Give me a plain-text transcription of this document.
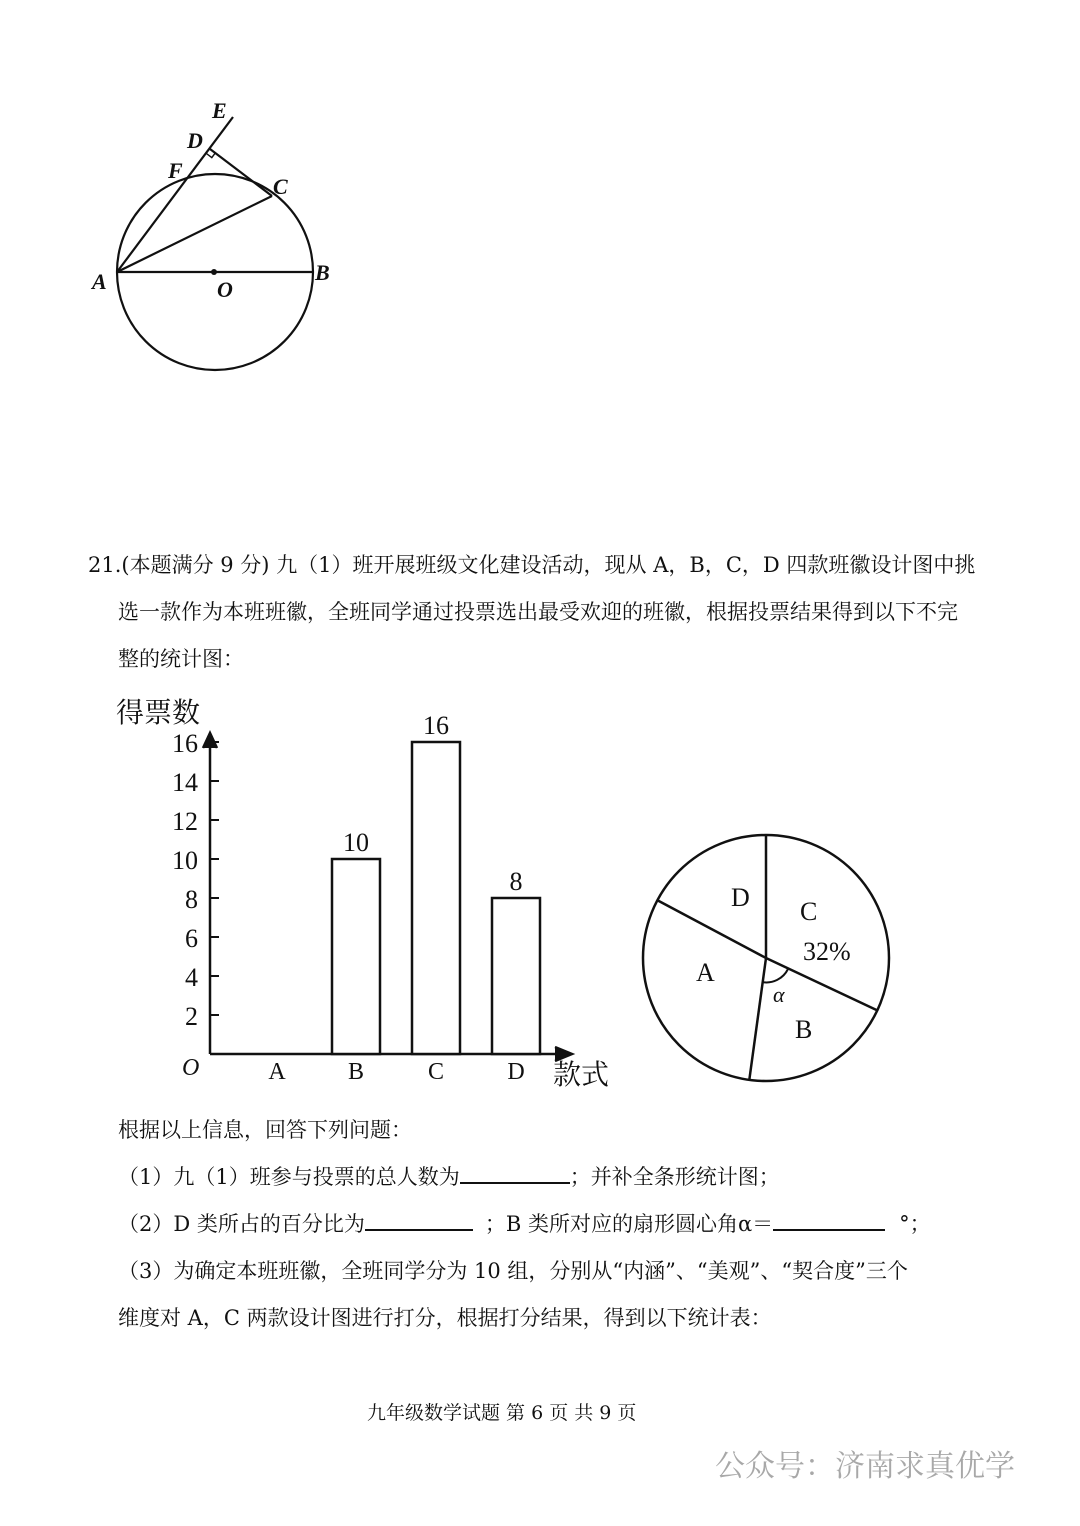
E
D
F
C
A	O
B
21.(本题满分 9 分) 九（1）班开展班级文化建设活动，现从 A，B，C，D 四款班徽设计图中挑
选一款作为本班班徽，全班同学通过投票选出最受欢迎的班徽，根据投票结果得到以下不完
整的统计图：
得票数
款式
O
2
4
6
8
10
12
14
16
10
16
8
A	B	C	D
C
32%
D
A
B
α
根据以上信息，回答下列问题：
（1）九（1）班参与投票的总人数为	；并补全条形统计图；
（2）D 类所占的百分比为	；B 类所对应的扇形圆心角α＝	°；
（3）为确定本班班徽，全班同学分为 10 组，分别从“内涵”、“美观”、“契合度”三个
维度对 A，C 两款设计图进行打分，根据打分结果，得到以下统计表：
九年级数学试题 第 6 页 共 9 页
公众号：济南求真优学
